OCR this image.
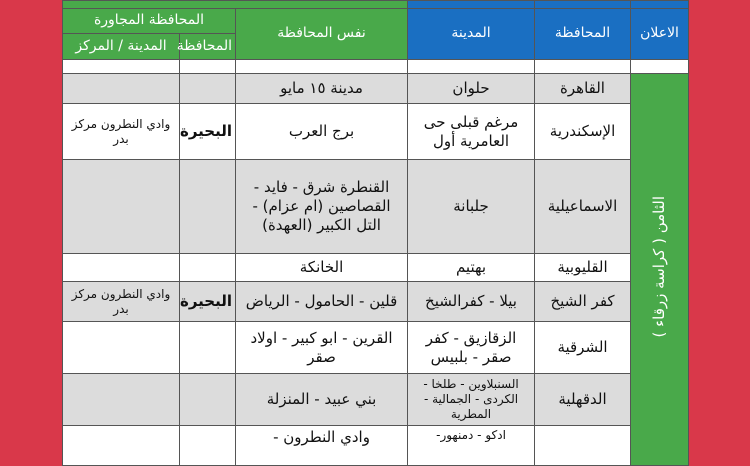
الاعلان	المحافظة	المدينة	نفس المحافظة	المحافظة المجاورة	
				المحافظة	المدينة / المركز

الثامن ( كراسة زرقاء )	القاهرة	حلوان	مدينة ١٥ مايو		
	الإسكندرية	مرغم قبلى حى العامرية أول	برج العرب	البحيرة	وادي النطرون مركز بدر
	الاسماعيلية	جلبانة	القنطرة شرق - فايد - القصاصين (ام عزام) - التل الكبير (العهدة)		
	القليوبية	بهتيم	الخانكة		
	كفر الشيخ	بيلا - كفرالشيخ	قلين - الحامول - الرياض	البحيرة	وادي النطرون مركز بدر
	الشرقية	الزقازيق - كفر صقر - بلبيس	القرين - ابو كبير - اولاد صقر		
	الدقهلية	السنبلاوين - طلخا - الكردى - الجمالية - المطرية	بني عبيد - المنزلة		
		ادكو - دمنهور-	وادي النطرون -		
